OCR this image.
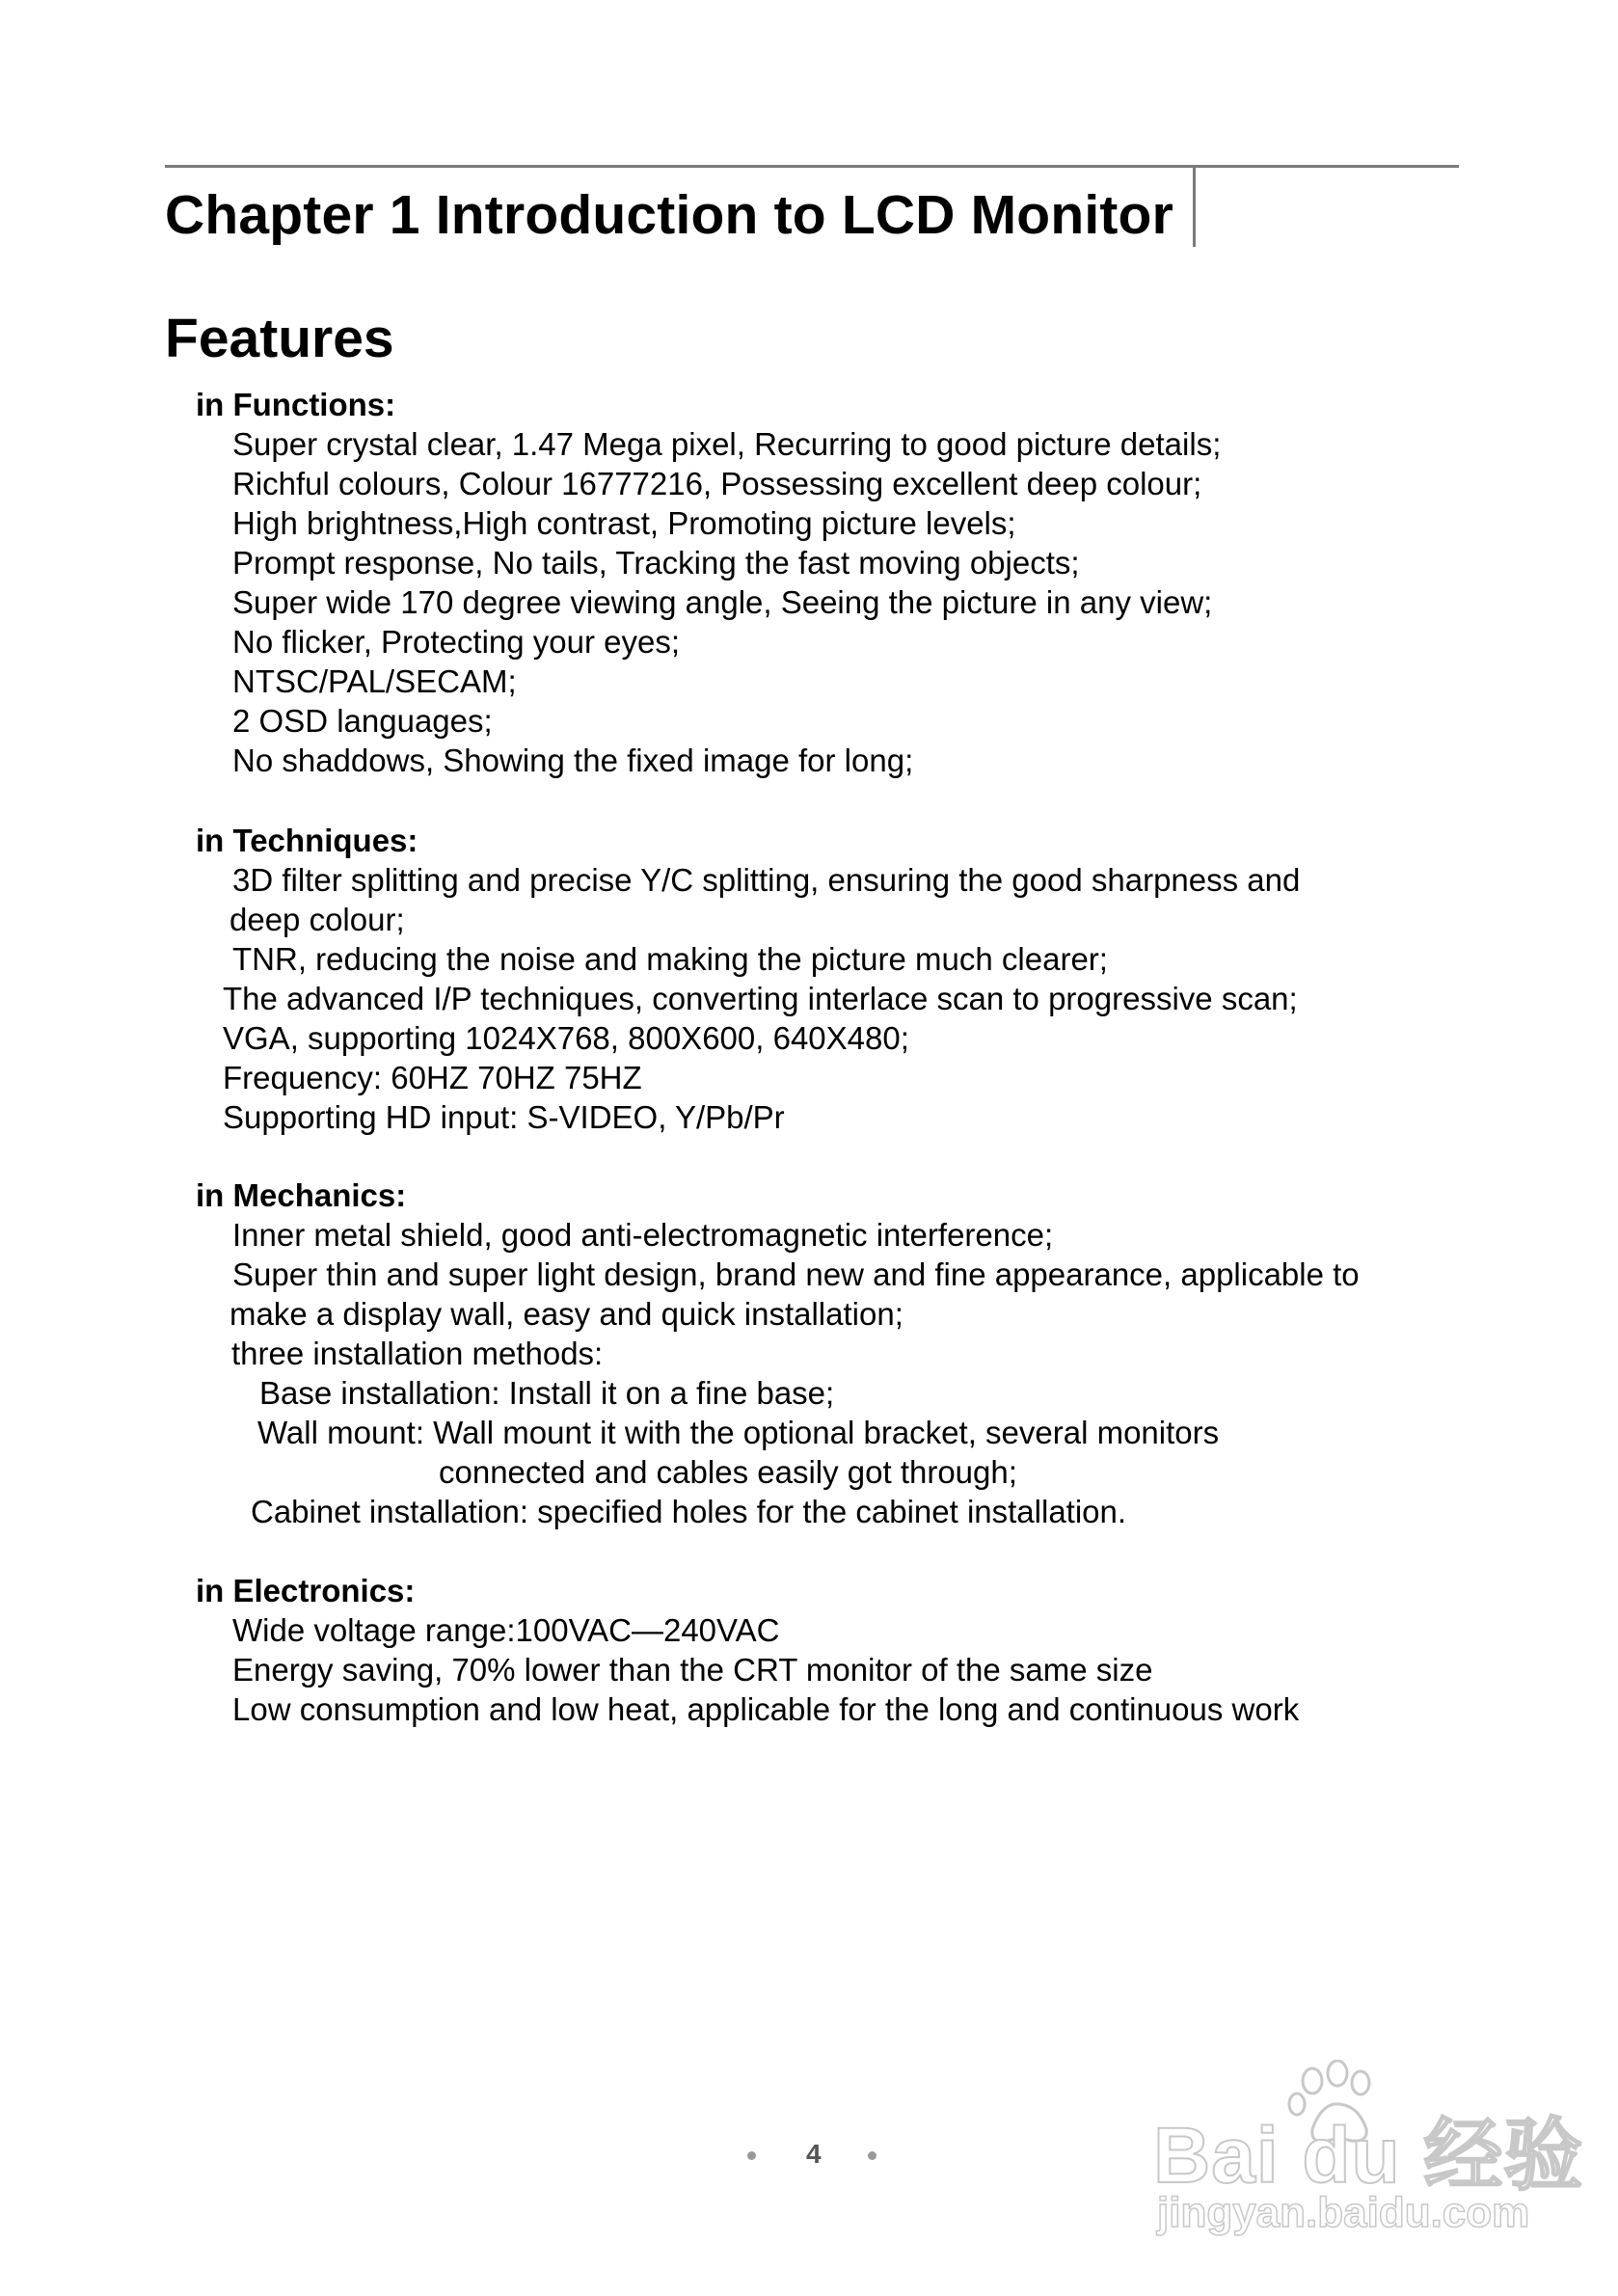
Chapter 1 Introduction to LCD Monitor
Features
in Functions:
Super crystal clear, 1.47 Mega pixel, Recurring to good picture details;
Richful colours, Colour 16777216, Possessing excellent deep colour;
High brightness,High contrast, Promoting picture levels;
Prompt response, No tails, Tracking the fast moving objects;
Super wide 170 degree viewing angle, Seeing the picture in any view;
No flicker, Protecting your eyes;
NTSC/PAL/SECAM;
2 OSD languages;
No shaddows, Showing the fixed image for long;
in Techniques:
3D filter splitting and precise Y/C splitting, ensuring the good sharpness and
deep colour;
TNR, reducing the noise and making the picture much clearer;
The advanced I/P techniques, converting interlace scan to progressive scan;
VGA, supporting 1024X768, 800X600, 640X480;
Frequency: 60HZ 70HZ 75HZ
Supporting HD input: S-VIDEO, Y/Pb/Pr
in Mechanics:
Inner metal shield, good anti-electromagnetic interference;
Super thin and super light design, brand new and fine appearance, applicable to
make a display wall, easy and quick installation;
three installation methods:
Base installation: Install it on a fine base;
Wall mount: Wall mount it with the optional bracket, several monitors
connected and cables easily got through;
Cabinet installation: specified holes for the cabinet installation.
in Electronics:
Wide voltage range:100VAC—240VAC
Energy saving, 70% lower than the CRT monitor of the same size
Low consumption and low heat, applicable for the long and continuous work
4	Bai du 经验
jingyan.baidu.com
